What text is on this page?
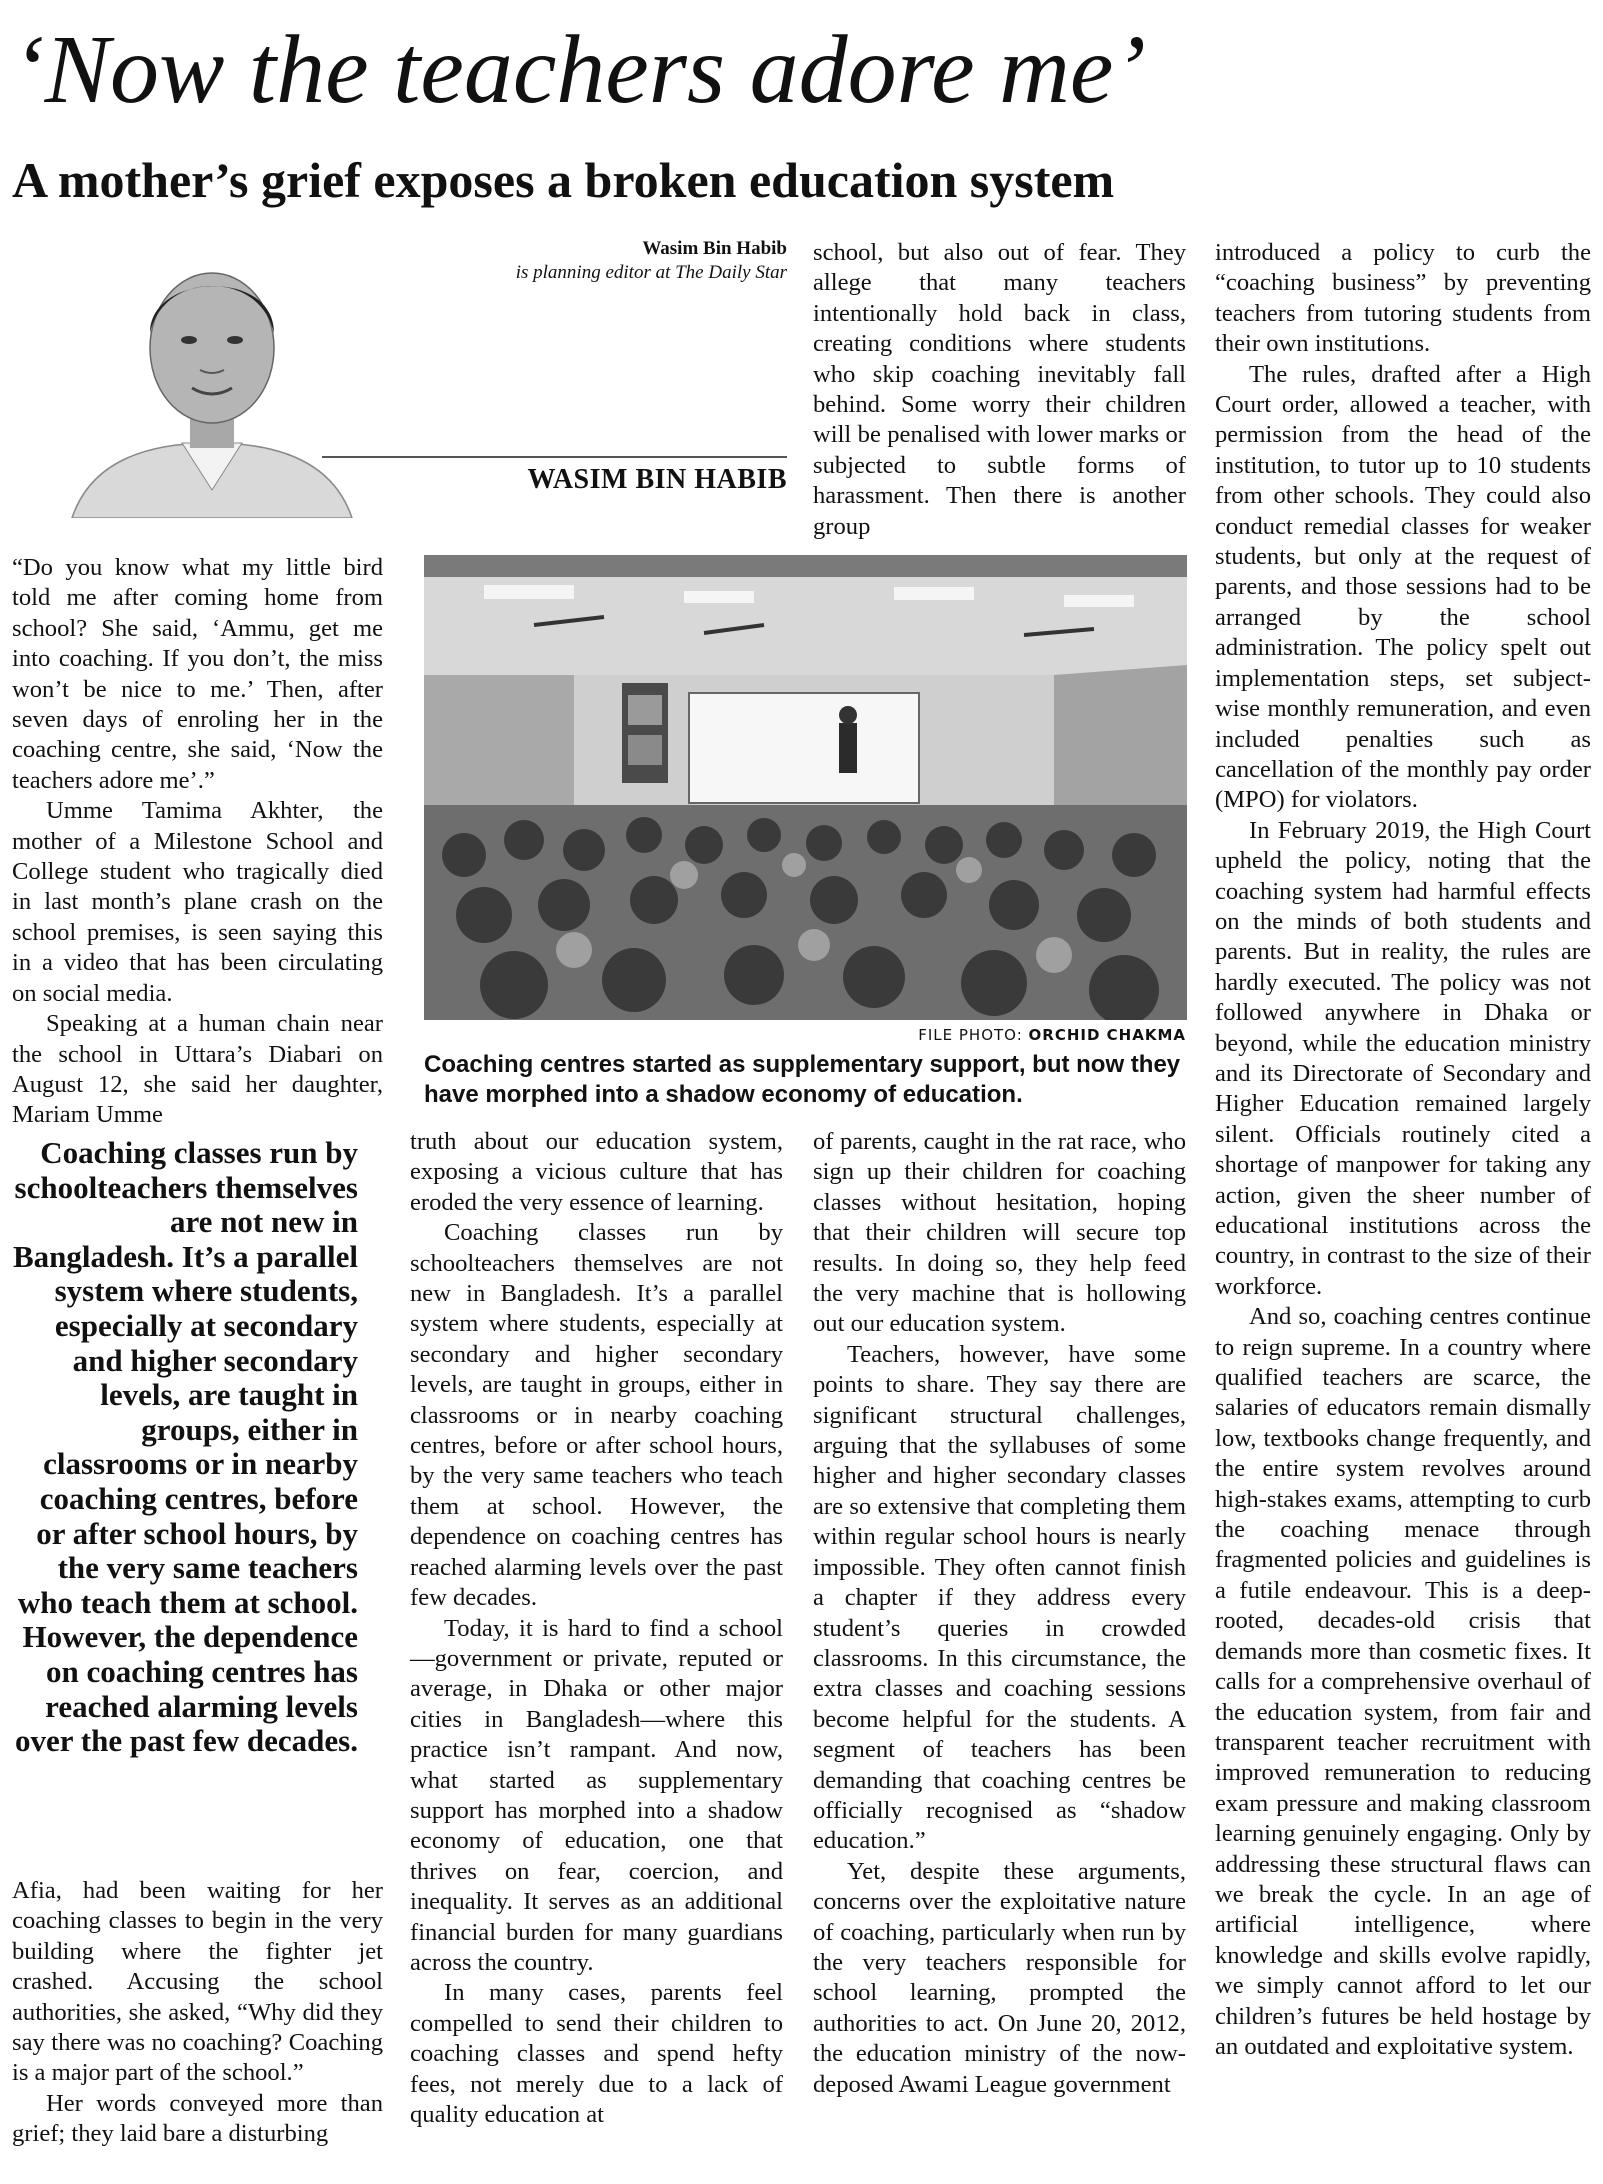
‘Now the teachers adore me’
A mother’s grief exposes a broken education system
Wasim Bin Habib
is planning editor at The Daily Star
WASIM BIN HABIB

“Do you know what my little bird told me after coming home from school? She said, ‘Ammu, get me into coaching. If you don’t, the miss won’t be nice to me.’ Then, after seven days of enroling her in the coaching centre, she said, ‘Now the teachers adore me’.”

Umme Tamima Akhter, the mother of a Milestone School and College student who tragically died in last month’s plane crash on the school premises, is seen saying this in a video that has been circulating on social media.

Speaking at a human chain near the school in Uttara’s Diabari on August 12, she said her daughter, Mariam Umme

Coaching classes run by schoolteachers themselves are not new in Bangladesh. It’s a parallel system where students, especially at secondary and higher secondary levels, are taught in groups, either in classrooms or in nearby coaching centres, before or after school hours, by the very same teachers who teach them at school. However, the dependence on coaching centres has reached alarming levels over the past few decades.

Afia, had been waiting for her coaching classes to begin in the very building where the fighter jet crashed. Accusing the school authorities, she asked, “Why did they say there was no coaching? Coaching is a major part of the school.”

Her words conveyed more than grief; they laid bare a disturbing

school, but also out of fear. They allege that many teachers intentionally hold back in class, creating conditions where students who skip coaching inevitably fall behind. Some worry their children will be penalised with lower marks or subjected to subtle forms of harassment. Then there is another group

FILE PHOTO: ORCHID CHAKMA
Coaching centres started as supplementary support, but now they have morphed into a shadow economy of education.

truth about our education system, exposing a vicious culture that has eroded the very essence of learning.

Coaching classes run by schoolteachers themselves are not new in Bangladesh. It’s a parallel system where students, especially at secondary and higher secondary levels, are taught in groups, either in classrooms or in nearby coaching centres, before or after school hours, by the very same teachers who teach them at school. However, the dependence on coaching centres has reached alarming levels over the past few decades.

Today, it is hard to find a school—government or private, reputed or average, in Dhaka or other major cities in Bangladesh—where this practice isn’t rampant. And now, what started as supplementary support has morphed into a shadow economy of education, one that thrives on fear, coercion, and inequality. It serves as an additional financial burden for many guardians across the country.

In many cases, parents feel compelled to send their children to coaching classes and spend hefty fees, not merely due to a lack of quality education at

of parents, caught in the rat race, who sign up their children for coaching classes without hesitation, hoping that their children will secure top results. In doing so, they help feed the very machine that is hollowing out our education system.

Teachers, however, have some points to share. They say there are significant structural challenges, arguing that the syllabuses of some higher and higher secondary classes are so extensive that completing them within regular school hours is nearly impossible. They often cannot finish a chapter if they address every student’s queries in crowded classrooms. In this circumstance, the extra classes and coaching sessions become helpful for the students. A segment of teachers has been demanding that coaching centres be officially recognised as “shadow education.”

Yet, despite these arguments, concerns over the exploitative nature of coaching, particularly when run by the very teachers responsible for school learning, prompted the authorities to act. On June 20, 2012, the education ministry of the now-deposed Awami League government

introduced a policy to curb the “coaching business” by preventing teachers from tutoring students from their own institutions.

The rules, drafted after a High Court order, allowed a teacher, with permission from the head of the institution, to tutor up to 10 students from other schools. They could also conduct remedial classes for weaker students, but only at the request of parents, and those sessions had to be arranged by the school administration. The policy spelt out implementation steps, set subject-wise monthly remuneration, and even included penalties such as cancellation of the monthly pay order (MPO) for violators.

In February 2019, the High Court upheld the policy, noting that the coaching system had harmful effects on the minds of both students and parents. But in reality, the rules are hardly executed. The policy was not followed anywhere in Dhaka or beyond, while the education ministry and its Directorate of Secondary and Higher Education remained largely silent. Officials routinely cited a shortage of manpower for taking any action, given the sheer number of educational institutions across the country, in contrast to the size of their workforce.

And so, coaching centres continue to reign supreme. In a country where qualified teachers are scarce, the salaries of educators remain dismally low, textbooks change frequently, and the entire system revolves around high-stakes exams, attempting to curb the coaching menace through fragmented policies and guidelines is a futile endeavour. This is a deep-rooted, decades-old crisis that demands more than cosmetic fixes. It calls for a comprehensive overhaul of the education system, from fair and transparent teacher recruitment with improved remuneration to reducing exam pressure and making classroom learning genuinely engaging. Only by addressing these structural flaws can we break the cycle. In an age of artificial intelligence, where knowledge and skills evolve rapidly, we simply cannot afford to let our children’s futures be held hostage by an outdated and exploitative system.
